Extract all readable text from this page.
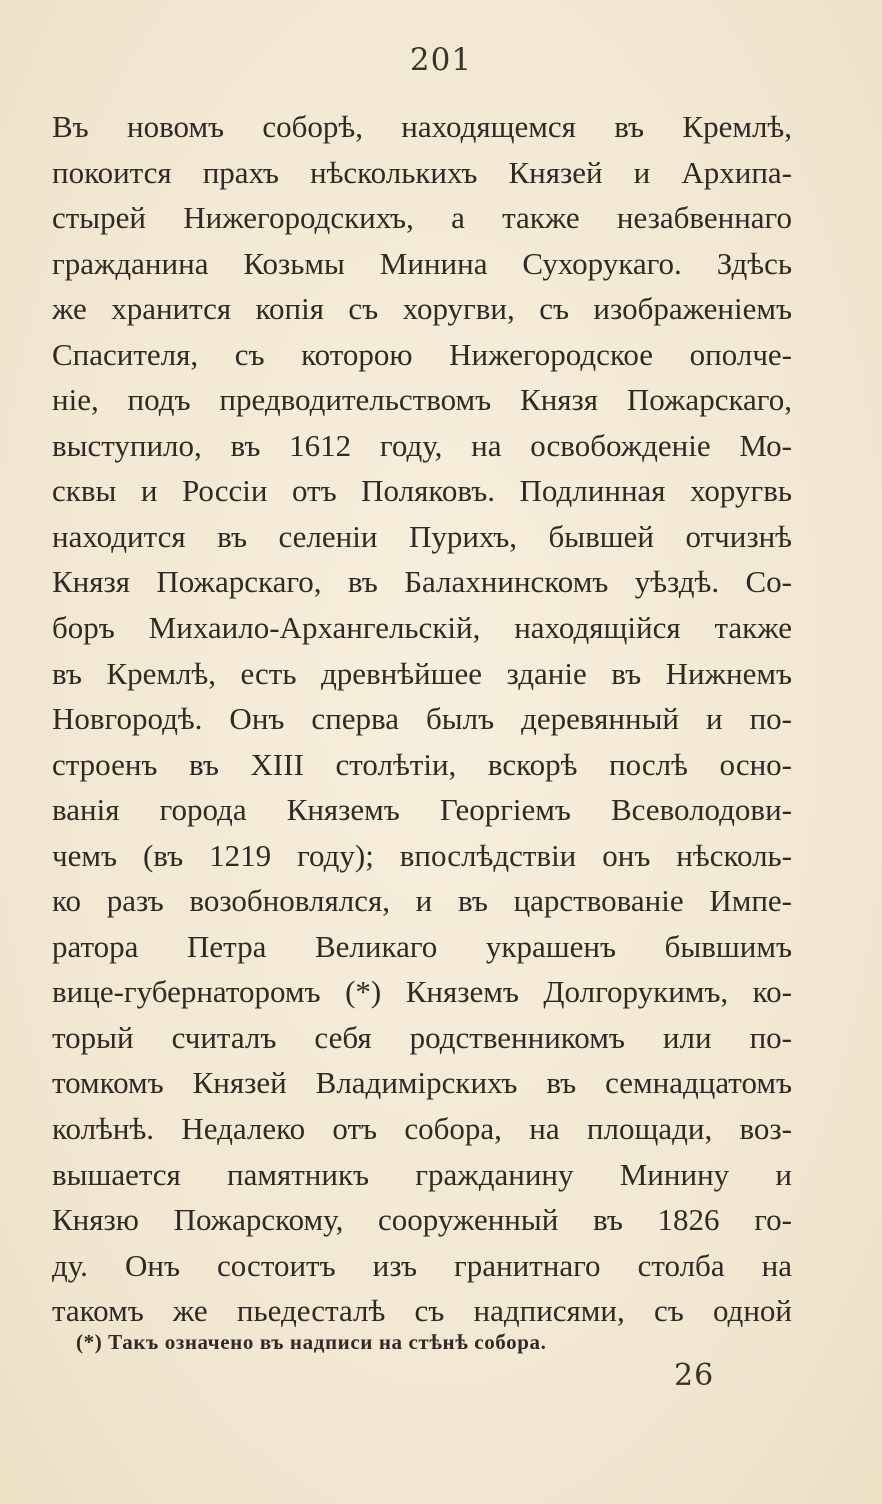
201
Въ новомъ соборѣ, находящемся въ Кремлѣ,
покоится прахъ нѣсколькихъ Князей и Архипа-
стырей Нижегородскихъ, а также незабвеннаго
гражданина Козьмы Минина Сухорукаго. Здѣсь
же хранится копія съ хоругви, съ изображеніемъ
Спасителя, съ которою Нижегородское ополче-
ніе, подъ предводительствомъ Князя Пожарскаго,
выступило, въ 1612 году, на освобожденіе Мо-
сквы и Россіи отъ Поляковъ. Подлинная хоругвь
находится въ селеніи Пурихъ, бывшей отчизнѣ
Князя Пожарскаго, въ Балахнинскомъ уѣздѣ. Со-
боръ Михаило-Архангельскій, находящійся также
въ Кремлѣ, есть древнѣйшее зданіе въ Нижнемъ
Новгородѣ. Онъ сперва былъ деревянный и по-
строенъ въ XIII столѣтіи, вскорѣ послѣ осно-
ванія города Княземъ Георгіемъ Всеволодови-
чемъ (въ 1219 году); впослѣдствіи онъ нѣсколь-
ко разъ возобновлялся, и въ царствованіе Импе-
ратора Петра Великаго украшенъ бывшимъ
вице-губернаторомъ (*) Княземъ Долгорукимъ, ко-
торый считалъ себя родственникомъ или по-
томкомъ Князей Владимірскихъ въ семнадцатомъ
колѣнѣ. Недалеко отъ собора, на площади, воз-
вышается памятникъ гражданину Минину и
Князю Пожарскому, сооруженный въ 1826 го-
ду. Онъ состоитъ изъ гранитнаго столба на
такомъ же пьедесталѣ съ надписями, съ одной
(*) Такъ означено въ надписи на стѣнѣ собора.
26
